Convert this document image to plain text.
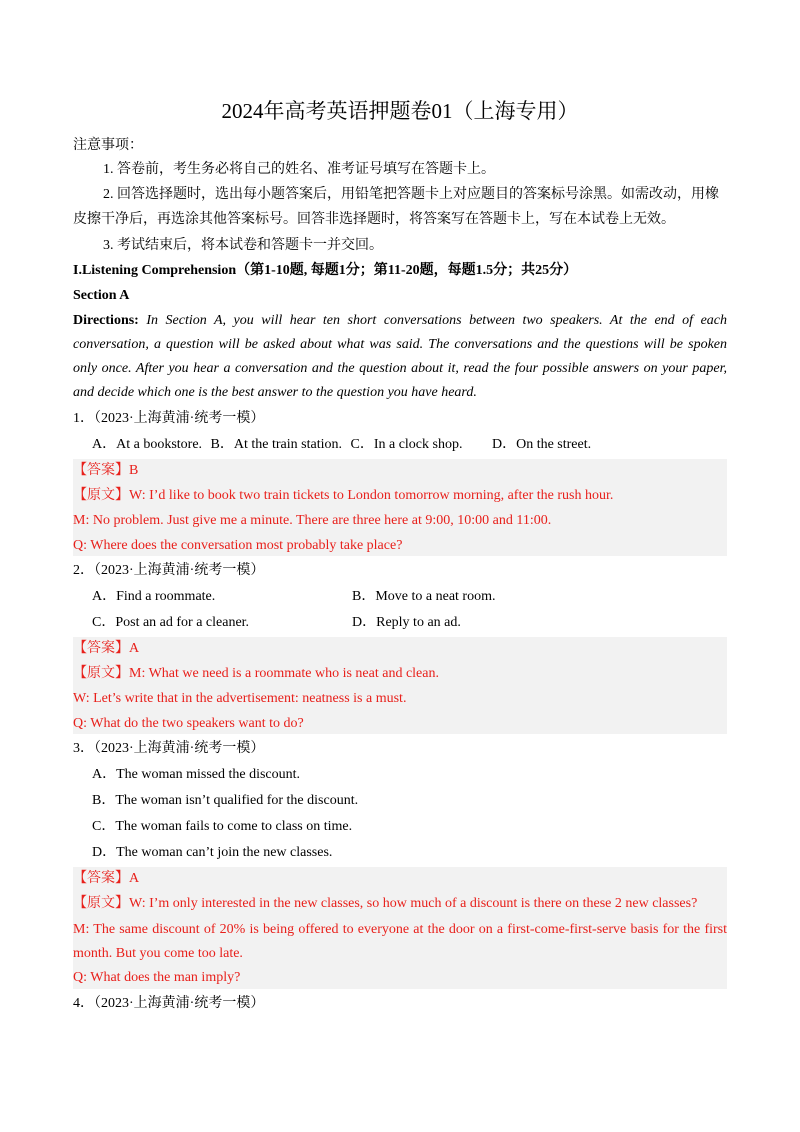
2024年高考英语押题卷01（上海专用）
注意事项：
1. 答卷前，考生务必将自己的姓名、准考证号填写在答题卡上。
2. 回答选择题时，选出每小题答案后，用铅笔把答题卡上对应题目的答案标号涂黑。如需改动，用橡
皮擦干净后，再选涂其他答案标号。回答非选择题时，将答案写在答题卡上，写在本试卷上无效。
3. 考试结束后，将本试卷和答题卡一并交回。
I.Listening Comprehension（第1-10题, 每题1分；第11-20题，每题1.5分；共25分）
Section A
Directions: In Section A, you will hear ten short conversations between two speakers. At the end of each
conversation, a question will be asked about what was said. The conversations and the questions will be spoken
only once. After you hear a conversation and the question about it, read the four possible answers on your paper,
and decide which one is the best answer to the question you have heard.
1．（2023·上海黄浦·统考一模）
A．At a bookstore. B．At the train station. C．In a clock shop. D．On the street.
【答案】B
【原文】W: I’d like to book two train tickets to London tomorrow morning, after the rush hour.
M: No problem. Just give me a minute. There are three here at 9:00, 10:00 and 11:00.
Q: Where does the conversation most probably take place?
2．（2023·上海黄浦·统考一模）
A．Find a roommate.	B．Move to a neat room.
C．Post an ad for a cleaner.	D．Reply to an ad.
【答案】A
【原文】M: What we need is a roommate who is neat and clean.
W: Let’s write that in the advertisement: neatness is a must.
Q: What do the two speakers want to do?
3．（2023·上海黄浦·统考一模）
A．The woman missed the discount.
B．The woman isn’t qualified for the discount.
C．The woman fails to come to class on time.
D．The woman can’t join the new classes.
【答案】A
【原文】W: I’m only interested in the new classes, so how much of a discount is there on these 2 new classes?
M: The same discount of 20% is being offered to everyone at the door on a first-come-first-serve basis for the first
month. But you come too late.
Q: What does the man imply?
4．（2023·上海黄浦·统考一模）
